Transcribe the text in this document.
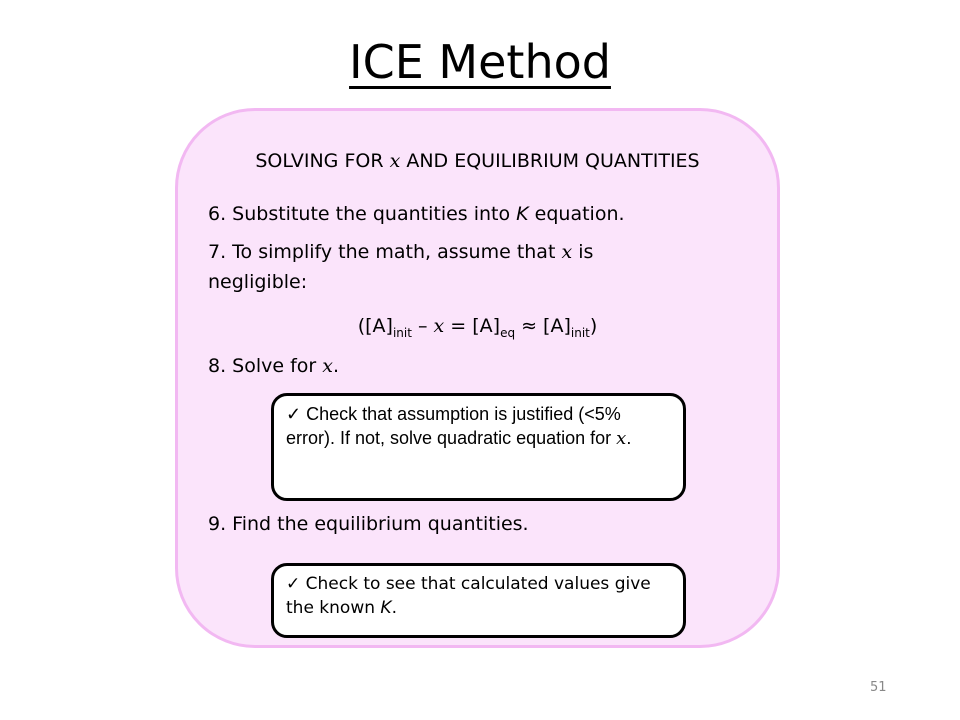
ICE Method
SOLVING FOR x AND EQUILIBRIUM QUANTITIES
6. Substitute the quantities into K equation.
7. To simplify the math, assume that x is negligible:
$([A]_{init} - x = [A]_{eq} \approx [A]_{init})$
8. Solve for x.
✓ Check that assumption is justified (<5% error). If not, solve quadratic equation for x.
9. Find the equilibrium quantities.
✓ Check to see that calculated values give the known K.
51
